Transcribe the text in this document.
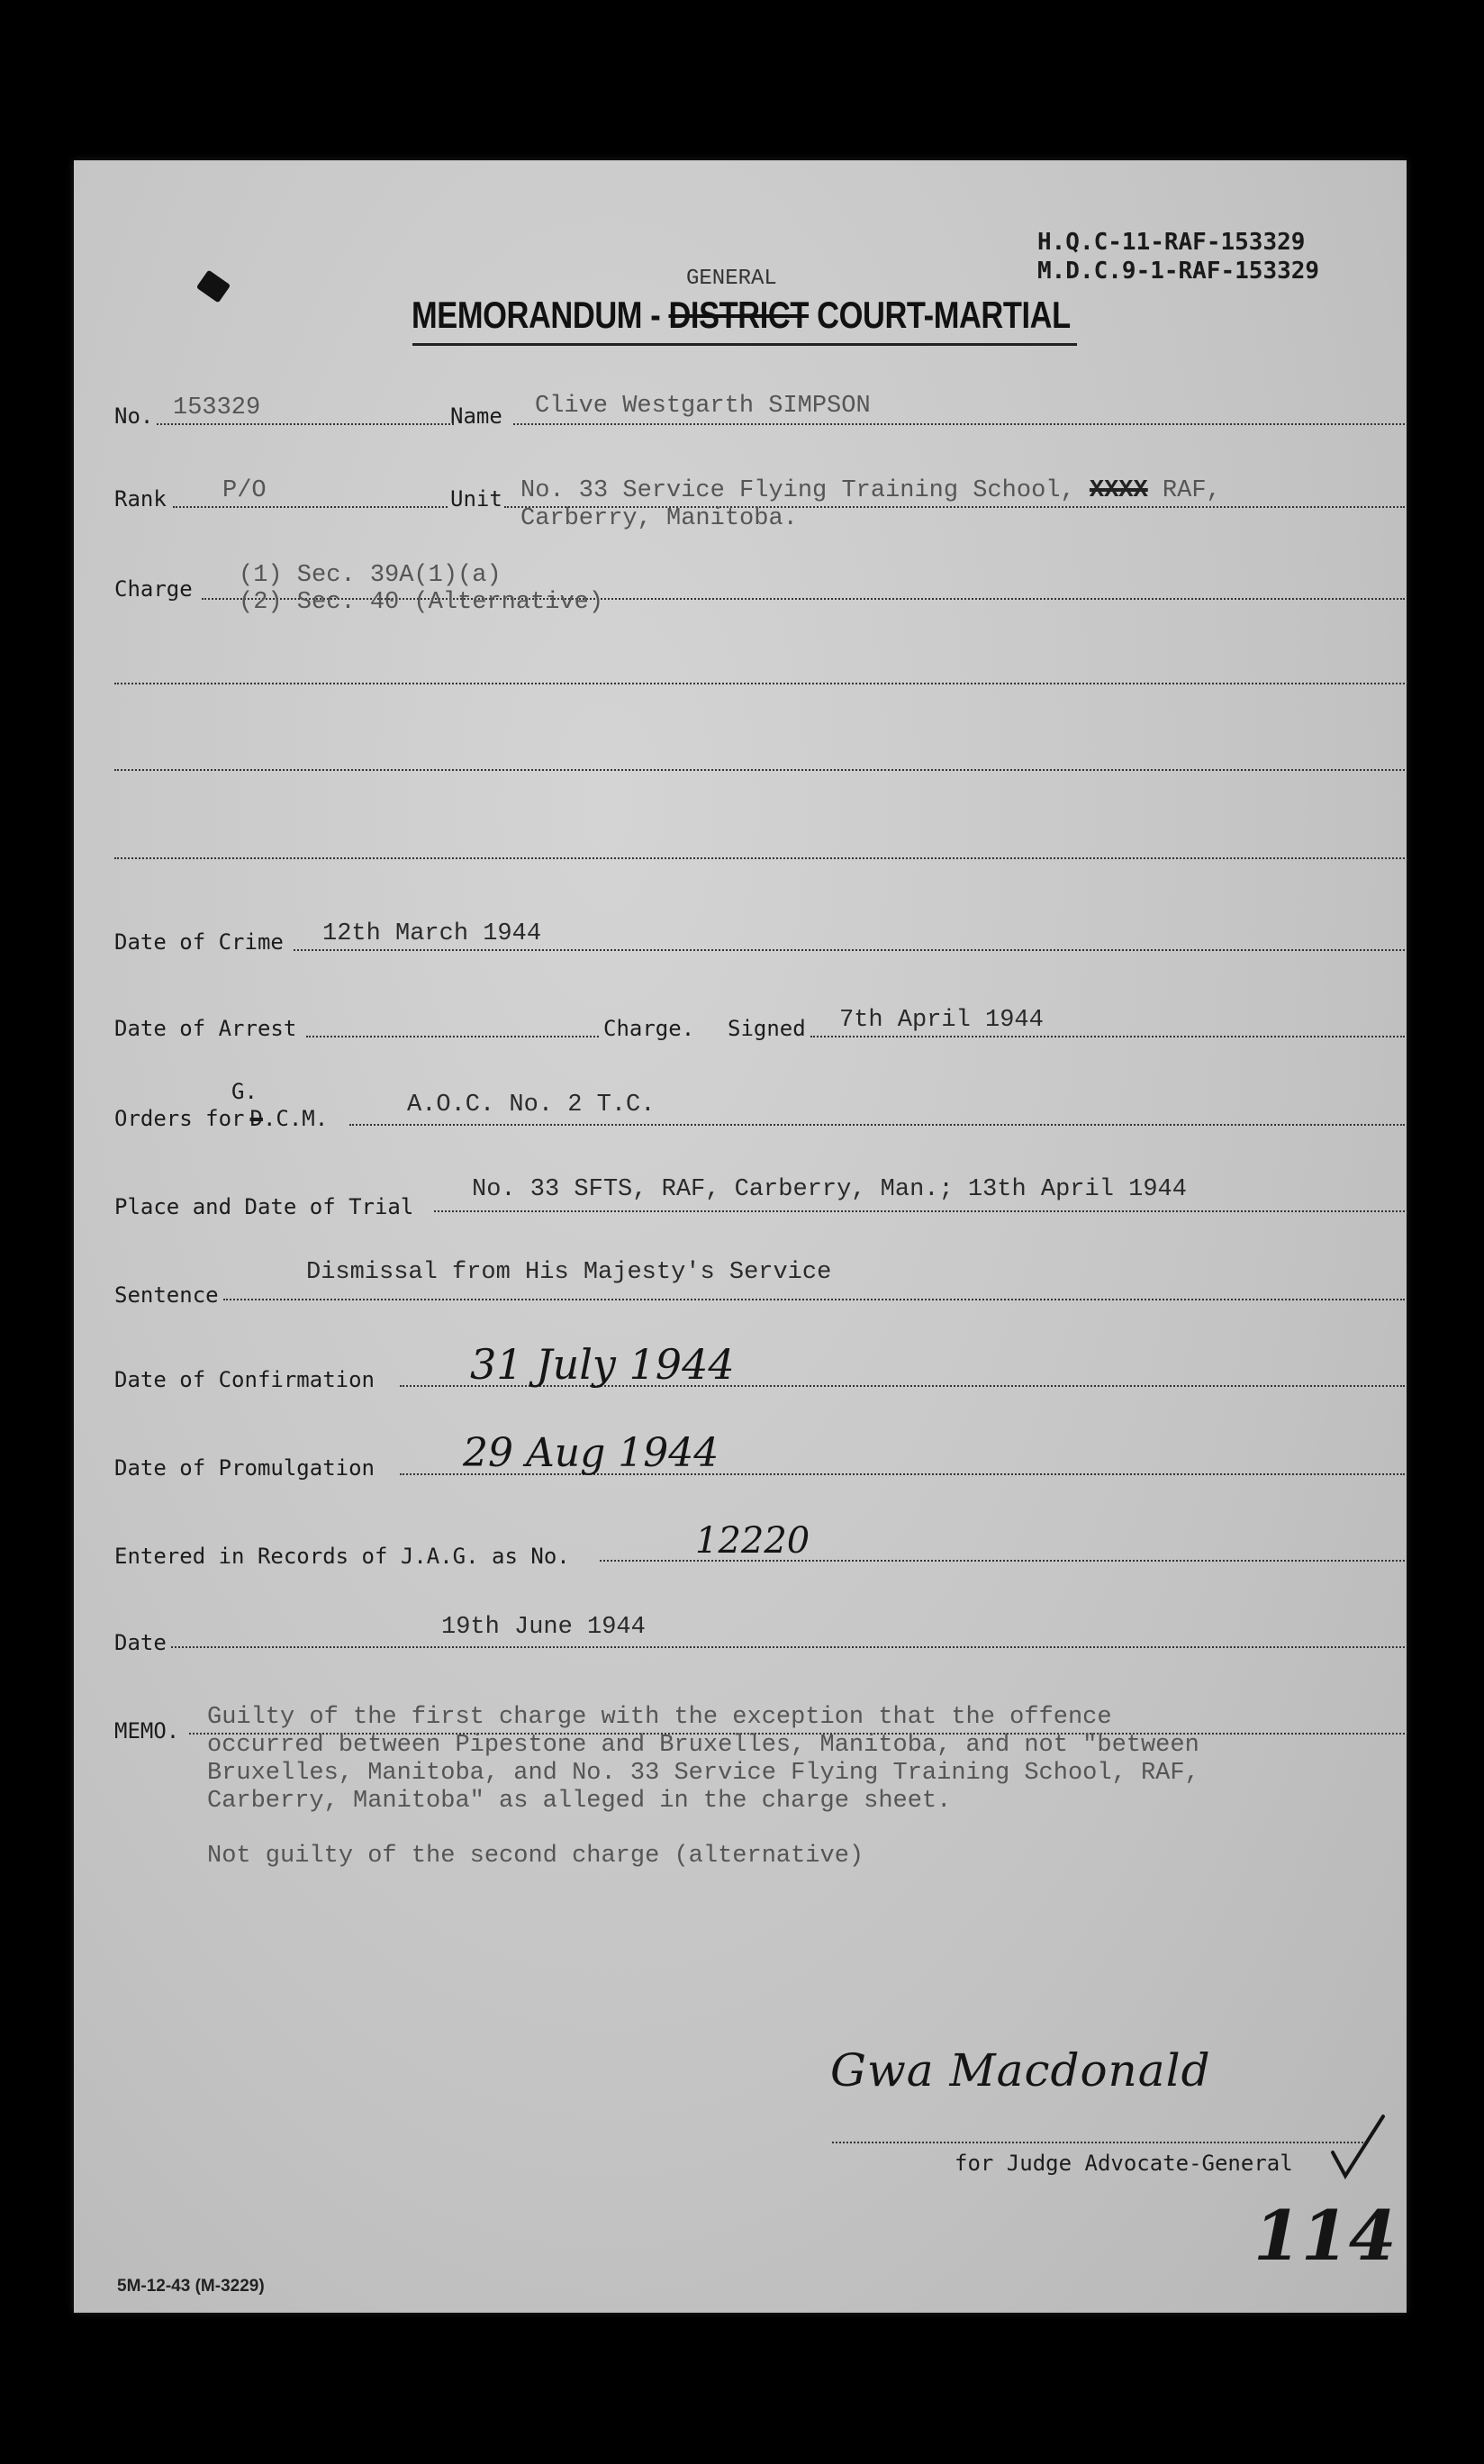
H.Q.C-11-RAF-153329
M.D.C.9-1-RAF-153329
GENERAL
MEMORANDUM - DISTRICT COURT-MARTIAL
No. 153329	Name Clive Westgarth SIMPSON
Rank P/O	Unit No. 33 Service Flying Training School, XXXX RAF,
Carberry, Manitoba.
Charge (1) Sec. 39A(1)(a)
(2) Sec. 40 (Alternative)
Date of Crime 12th March 1944
Date of Arrest	Charge. Signed 7th April 1944
G.
Orders for D.C.M.	A.O.C. No. 2 T.C.
Place and Date of Trial
No. 33 SFTS, RAF, Carberry, Man.; 13th April 1944
Sentence
Dismissal from His Majesty's Service
Date of Confirmation 31 July 1944
Date of Promulgation 29 Aug 1944
Entered in Records of J.A.G. as No.	12220
Date
19th June 1944
MEMO. Guilty of the first charge with the exception that the offence
occurred between Pipestone and Bruxelles, Manitoba, and not "between
Bruxelles, Manitoba, and No. 33 Service Flying Training School, RAF,
Carberry, Manitoba" as alleged in the charge sheet.
Not guilty of the second charge (alternative)
Gwa Macdonald
for Judge Advocate-General
114
5M-12-43 (M-3229)
